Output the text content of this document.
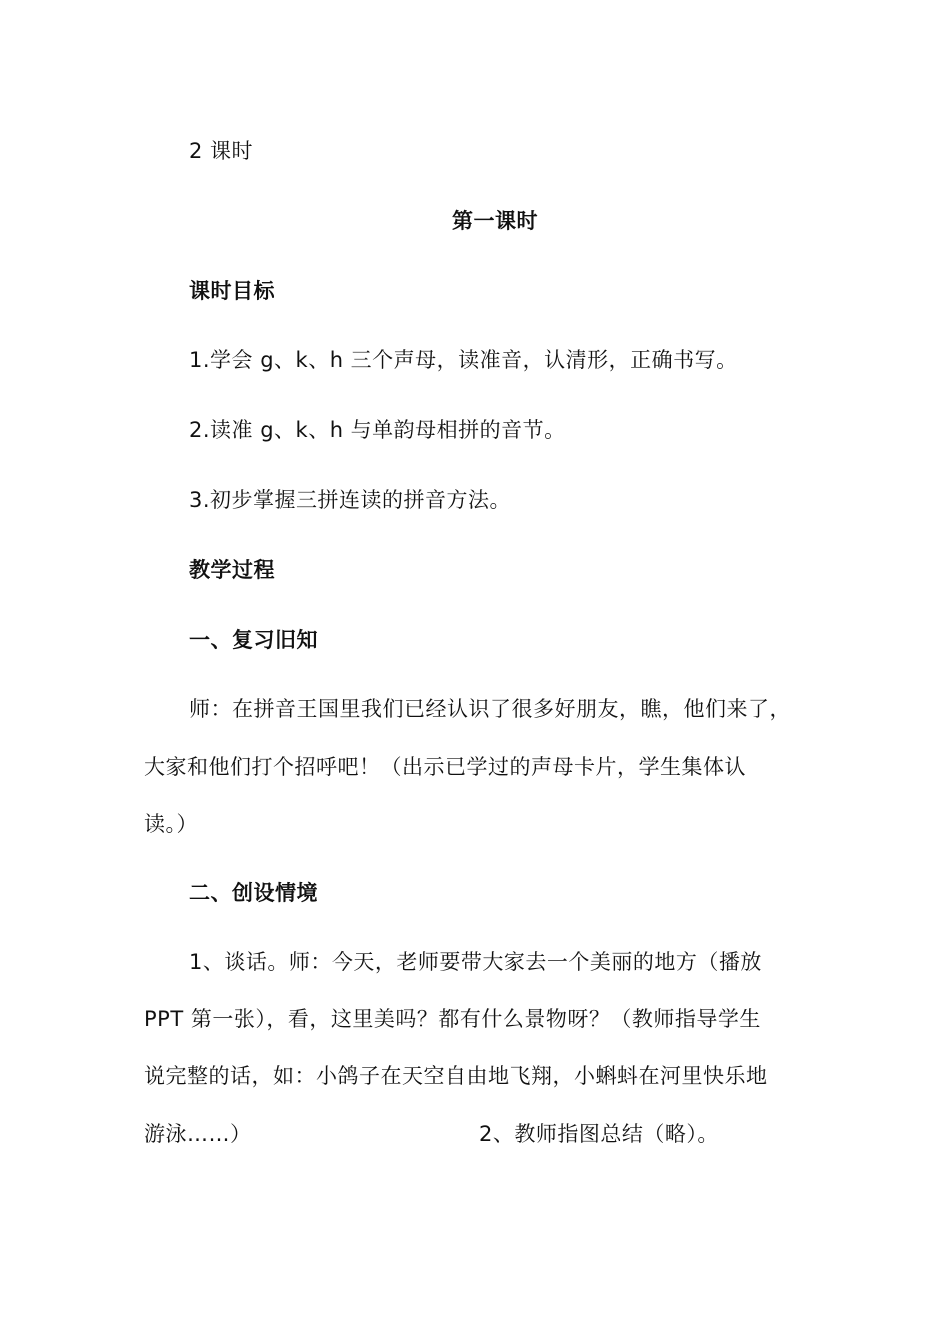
2 课时
第一课时
课时目标
1.学会 g、k、h 三个声母，读准音，认清形，正确书写。
2.读准 g、k、h 与单韵母相拼的音节。
3.初步掌握三拼连读的拼音方法。
教学过程
一、复习旧知
师：在拼音王国里我们已经认识了很多好朋友，瞧，他们来了，
大家和他们打个招呼吧！（出示已学过的声母卡片，学生集体认
读。）
二、创设情境
1、谈话。师：今天，老师要带大家去一个美丽的地方（播放
PPT 第一张），看，这里美吗？都有什么景物呀？（教师指导学生
说完整的话，如：小鸽子在天空自由地飞翔，小蝌蚪在河里快乐地
游泳……）	2、教师指图总结（略）。
